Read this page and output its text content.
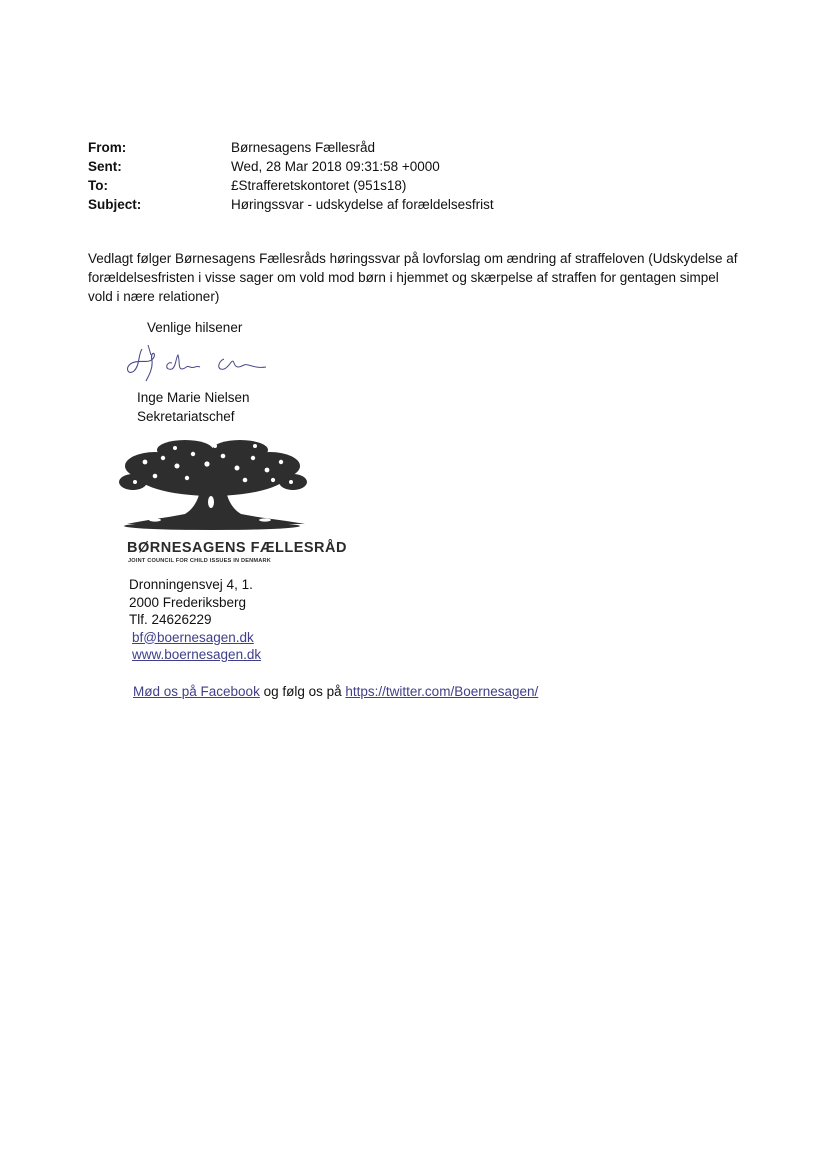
From:	Børnesagens Fællesråd
Sent:	Wed, 28 Mar 2018 09:31:58 +0000
To:	£Strafferetskontoret (951s18)
Subject:	Høringssvar - udskydelse af forældelsesfrist
Vedlagt følger Børnesagens Fællesråds høringssvar på lovforslag om ændring af straffeloven (Udskydelse af
forældelsesfristen i visse sager om vold mod børn i hjemmet og skærpelse af straffen for gentagen simpel
vold i nære relationer)
Venlige hilsener
Inge Marie Nielsen
Sekretariatschef
BØRNESAGENS FÆLLESRÅD
JOINT COUNCIL FOR CHILD ISSUES IN DENMARK
Dronningensvej 4, 1.
2000 Frederiksberg
Tlf. 24626229
bf@boernesagen.dk
www.boernesagen.dk
Mød os på Facebook og følg os på https://twitter.com/Boernesagen/
